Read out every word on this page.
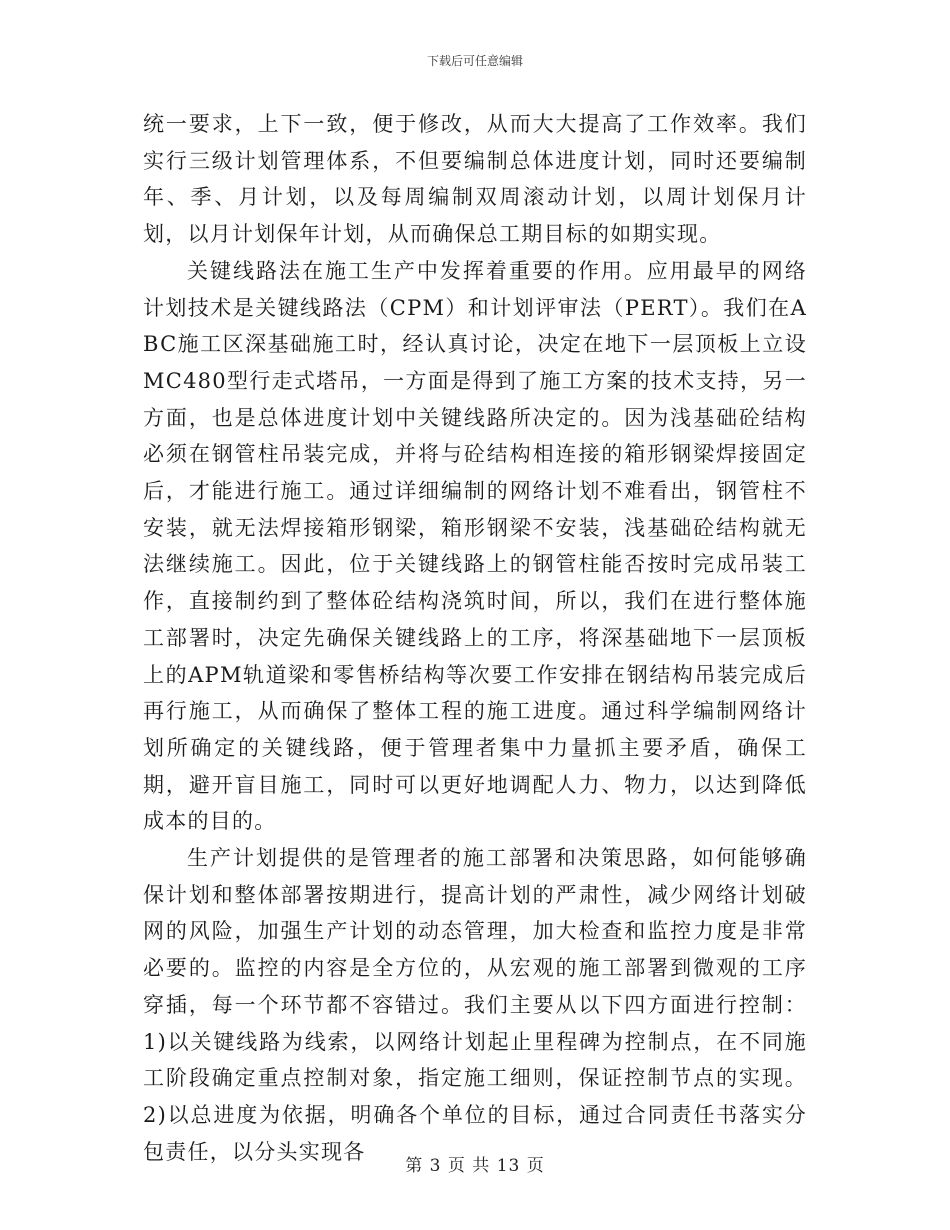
下载后可任意编辑

统一要求，上下一致，便于修改，从而大大提高了工作效率。我们实行三级计划管理体系，不但要编制总体进度计划，同时还要编制年、季、月计划，以及每周编制双周滚动计划，以周计划保月计划，以月计划保年计划，从而确保总工期目标的如期实现。

关键线路法在施工生产中发挥着重要的作用。应用最早的网络计划技术是关键线路法（CPM）和计划评审法（PERT）。我们在ABC施工区深基础施工时，经认真讨论，决定在地下一层顶板上立设MC480型行走式塔吊，一方面是得到了施工方案的技术支持，另一方面，也是总体进度计划中关键线路所决定的。因为浅基础砼结构必须在钢管柱吊装完成，并将与砼结构相连接的箱形钢梁焊接固定后，才能进行施工。通过详细编制的网络计划不难看出，钢管柱不安装，就无法焊接箱形钢梁，箱形钢梁不安装，浅基础砼结构就无法继续施工。因此，位于关键线路上的钢管柱能否按时完成吊装工作，直接制约到了整体砼结构浇筑时间，所以，我们在进行整体施工部署时，决定先确保关键线路上的工序，将深基础地下一层顶板上的APM轨道梁和零售桥结构等次要工作安排在钢结构吊装完成后再行施工，从而确保了整体工程的施工进度。通过科学编制网络计划所确定的关键线路，便于管理者集中力量抓主要矛盾，确保工期，避开盲目施工，同时可以更好地调配人力、物力，以达到降低成本的目的。

生产计划提供的是管理者的施工部署和决策思路，如何能够确保计划和整体部署按期进行，提高计划的严肃性，减少网络计划破网的风险，加强生产计划的动态管理，加大检查和监控力度是非常必要的。监控的内容是全方位的，从宏观的施工部署到微观的工序穿插，每一个环节都不容错过。我们主要从以下四方面进行控制：1)以关键线路为线索，以网络计划起止里程碑为控制点，在不同施工阶段确定重点控制对象，指定施工细则，保证控制节点的实现。2)以总进度为依据，明确各个单位的目标，通过合同责任书落实分包责任，以分头实现各

第 3 页 共 13 页
